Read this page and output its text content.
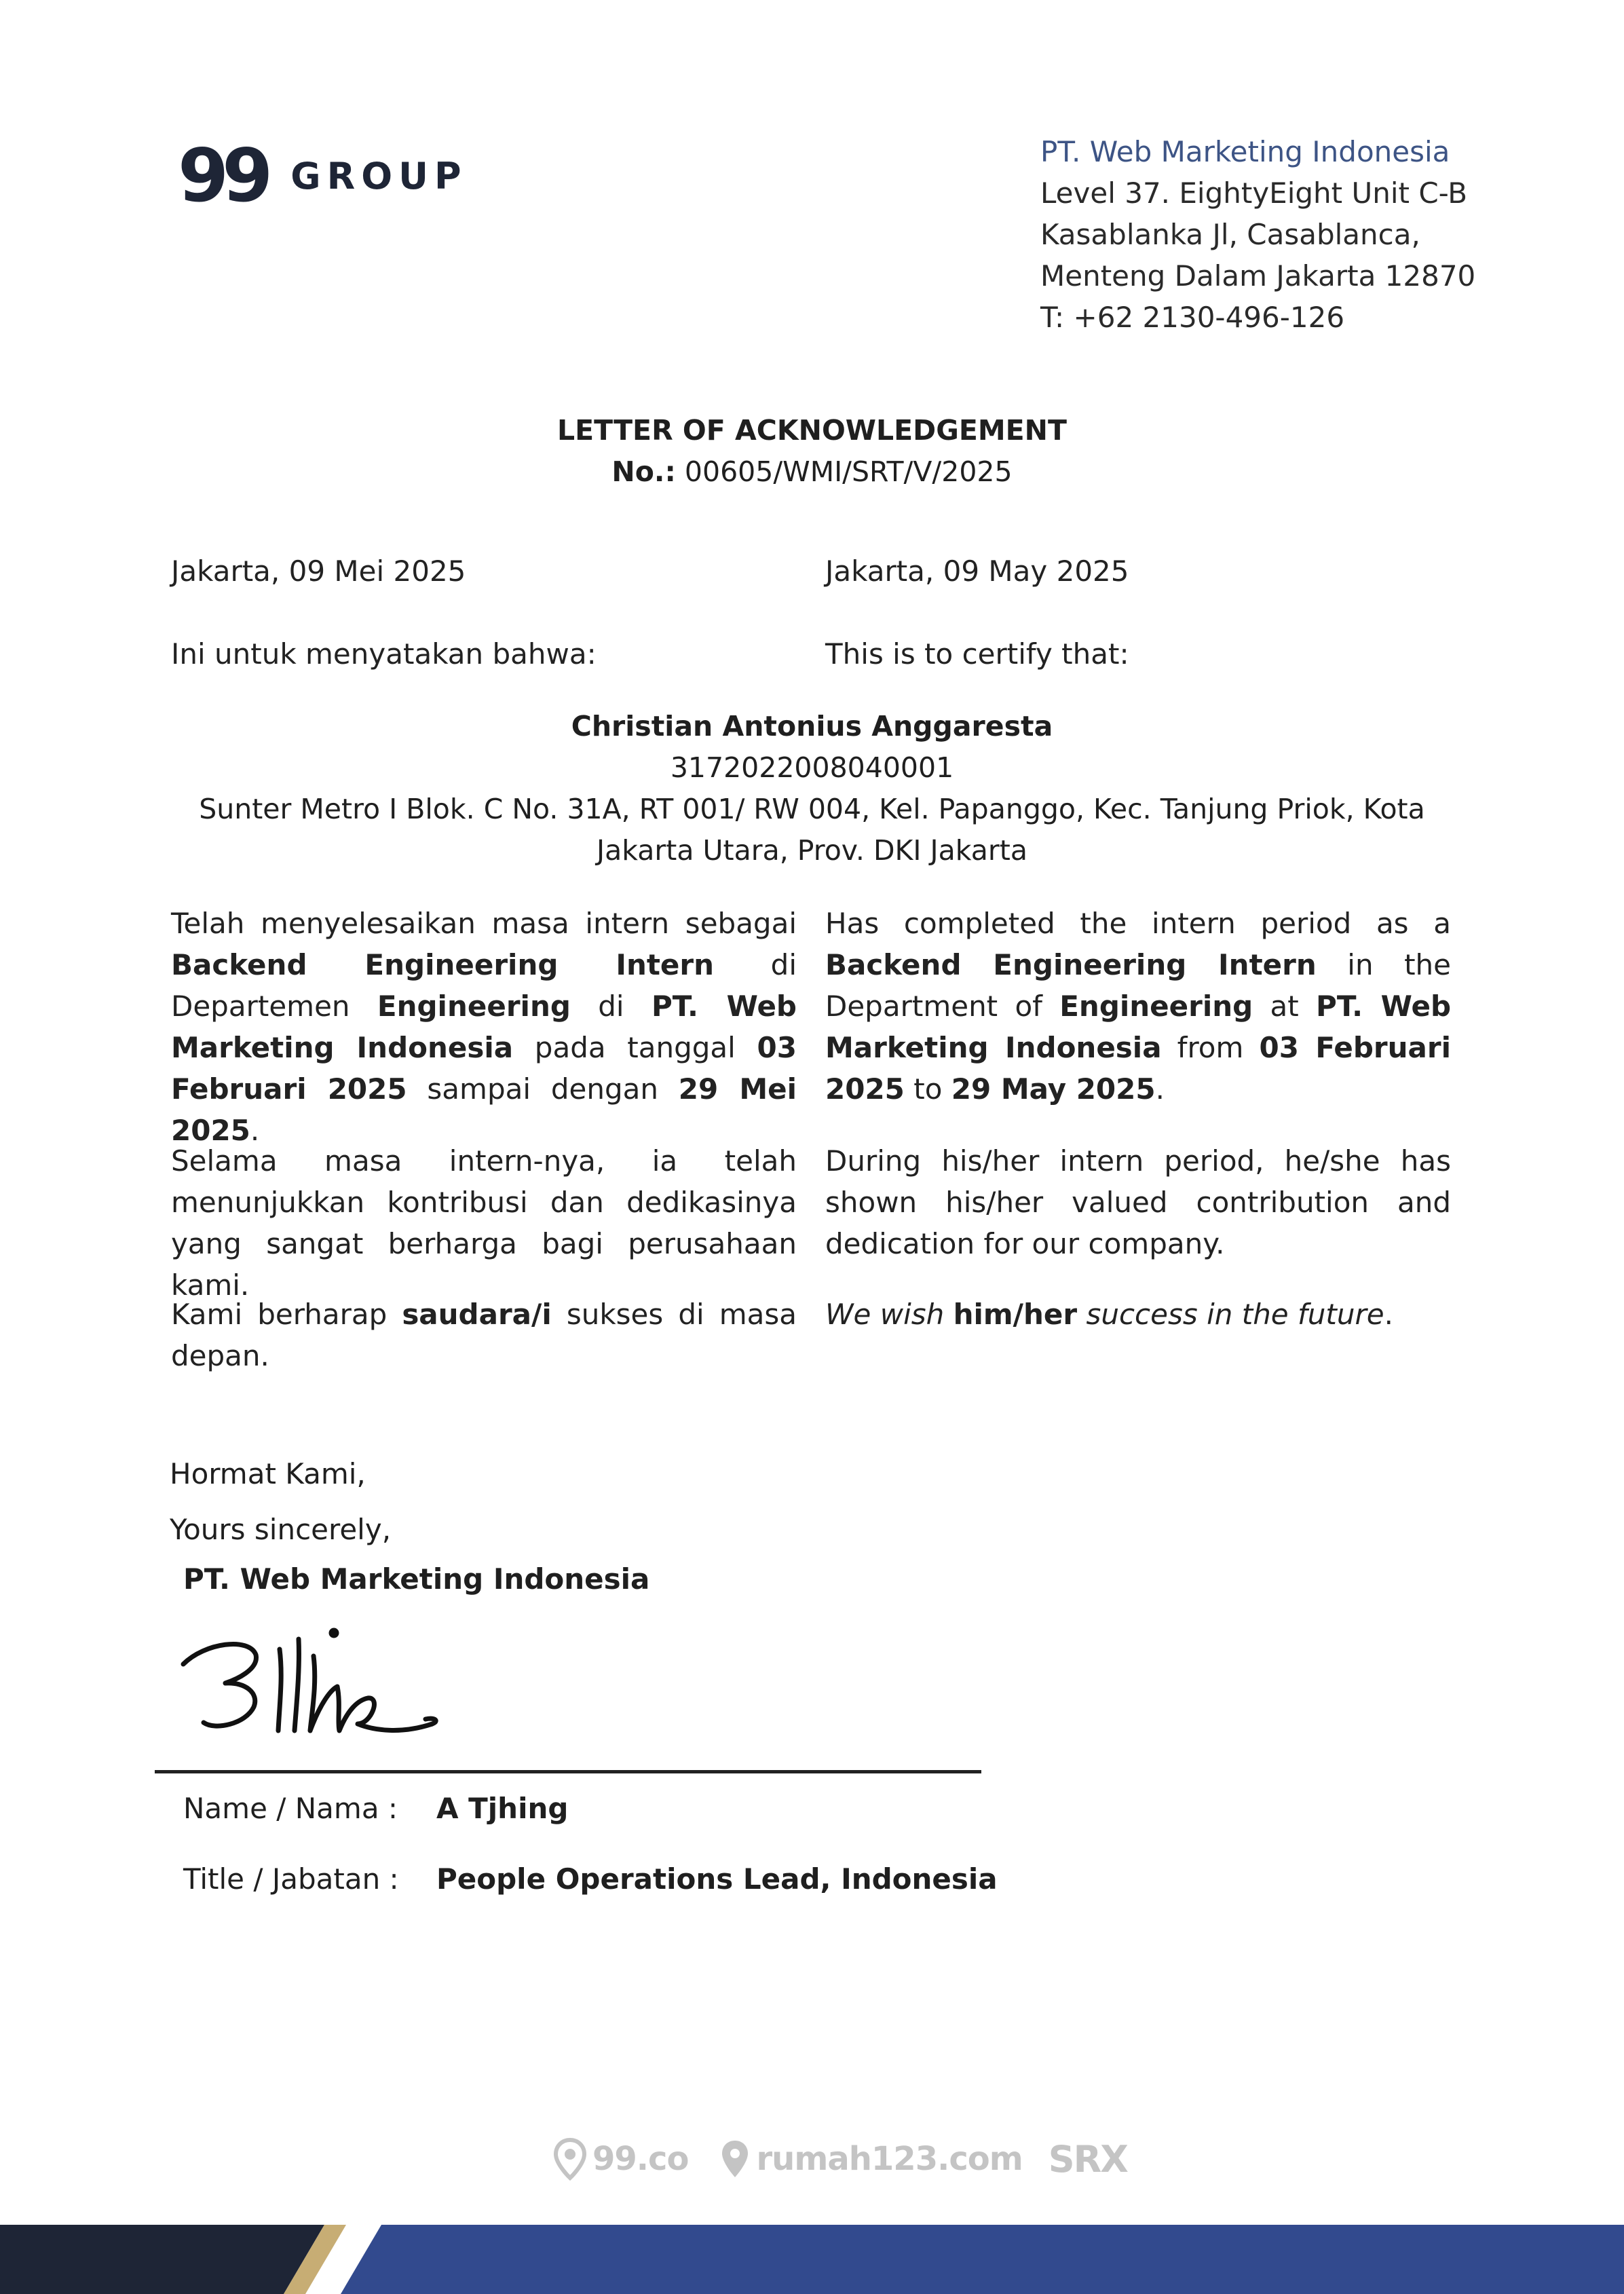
99 GROUP
PT. Web Marketing Indonesia
Level 37. EightyEight Unit C-B
Kasablanka Jl, Casablanca,
Menteng Dalam Jakarta 12870
T: +62 2130-496-126
LETTER OF ACKNOWLEDGEMENT
No.: 00605/WMI/SRT/V/2025
Jakarta, 09 Mei 2025	Jakarta, 09 May 2025
Ini untuk menyatakan bahwa:	This is to certify that:
Christian Antonius Anggaresta
3172022008040001
Sunter Metro I Blok. C No. 31A, RT 001/ RW 004, Kel. Papanggo, Kec. Tanjung Priok, Kota
Jakarta Utara, Prov. DKI Jakarta
Telah menyelesaikan masa intern sebagai Backend Engineering Intern di Departemen Engineering di PT. Web Marketing Indonesia pada tanggal 03 Februari 2025 sampai dengan 29 Mei 2025.
Has completed the intern period as a Backend Engineering Intern in the Department of Engineering at PT. Web Marketing Indonesia from 03 Februari 2025 to 29 May 2025.
Selama masa intern-nya, ia telah menunjukkan kontribusi dan dedikasinya yang sangat berharga bagi perusahaan kami.
During his/her intern period, he/she has shown his/her valued contribution and dedication for our company.
Kami berharap saudara/i sukses di masa depan.
We wish him/her success in the future.
Hormat Kami,
Yours sincerely,
PT. Web Marketing Indonesia
Name / Nama : A Tjhing
Title / Jabatan : People Operations Lead, Indonesia
99.co rumah123.com SRX
